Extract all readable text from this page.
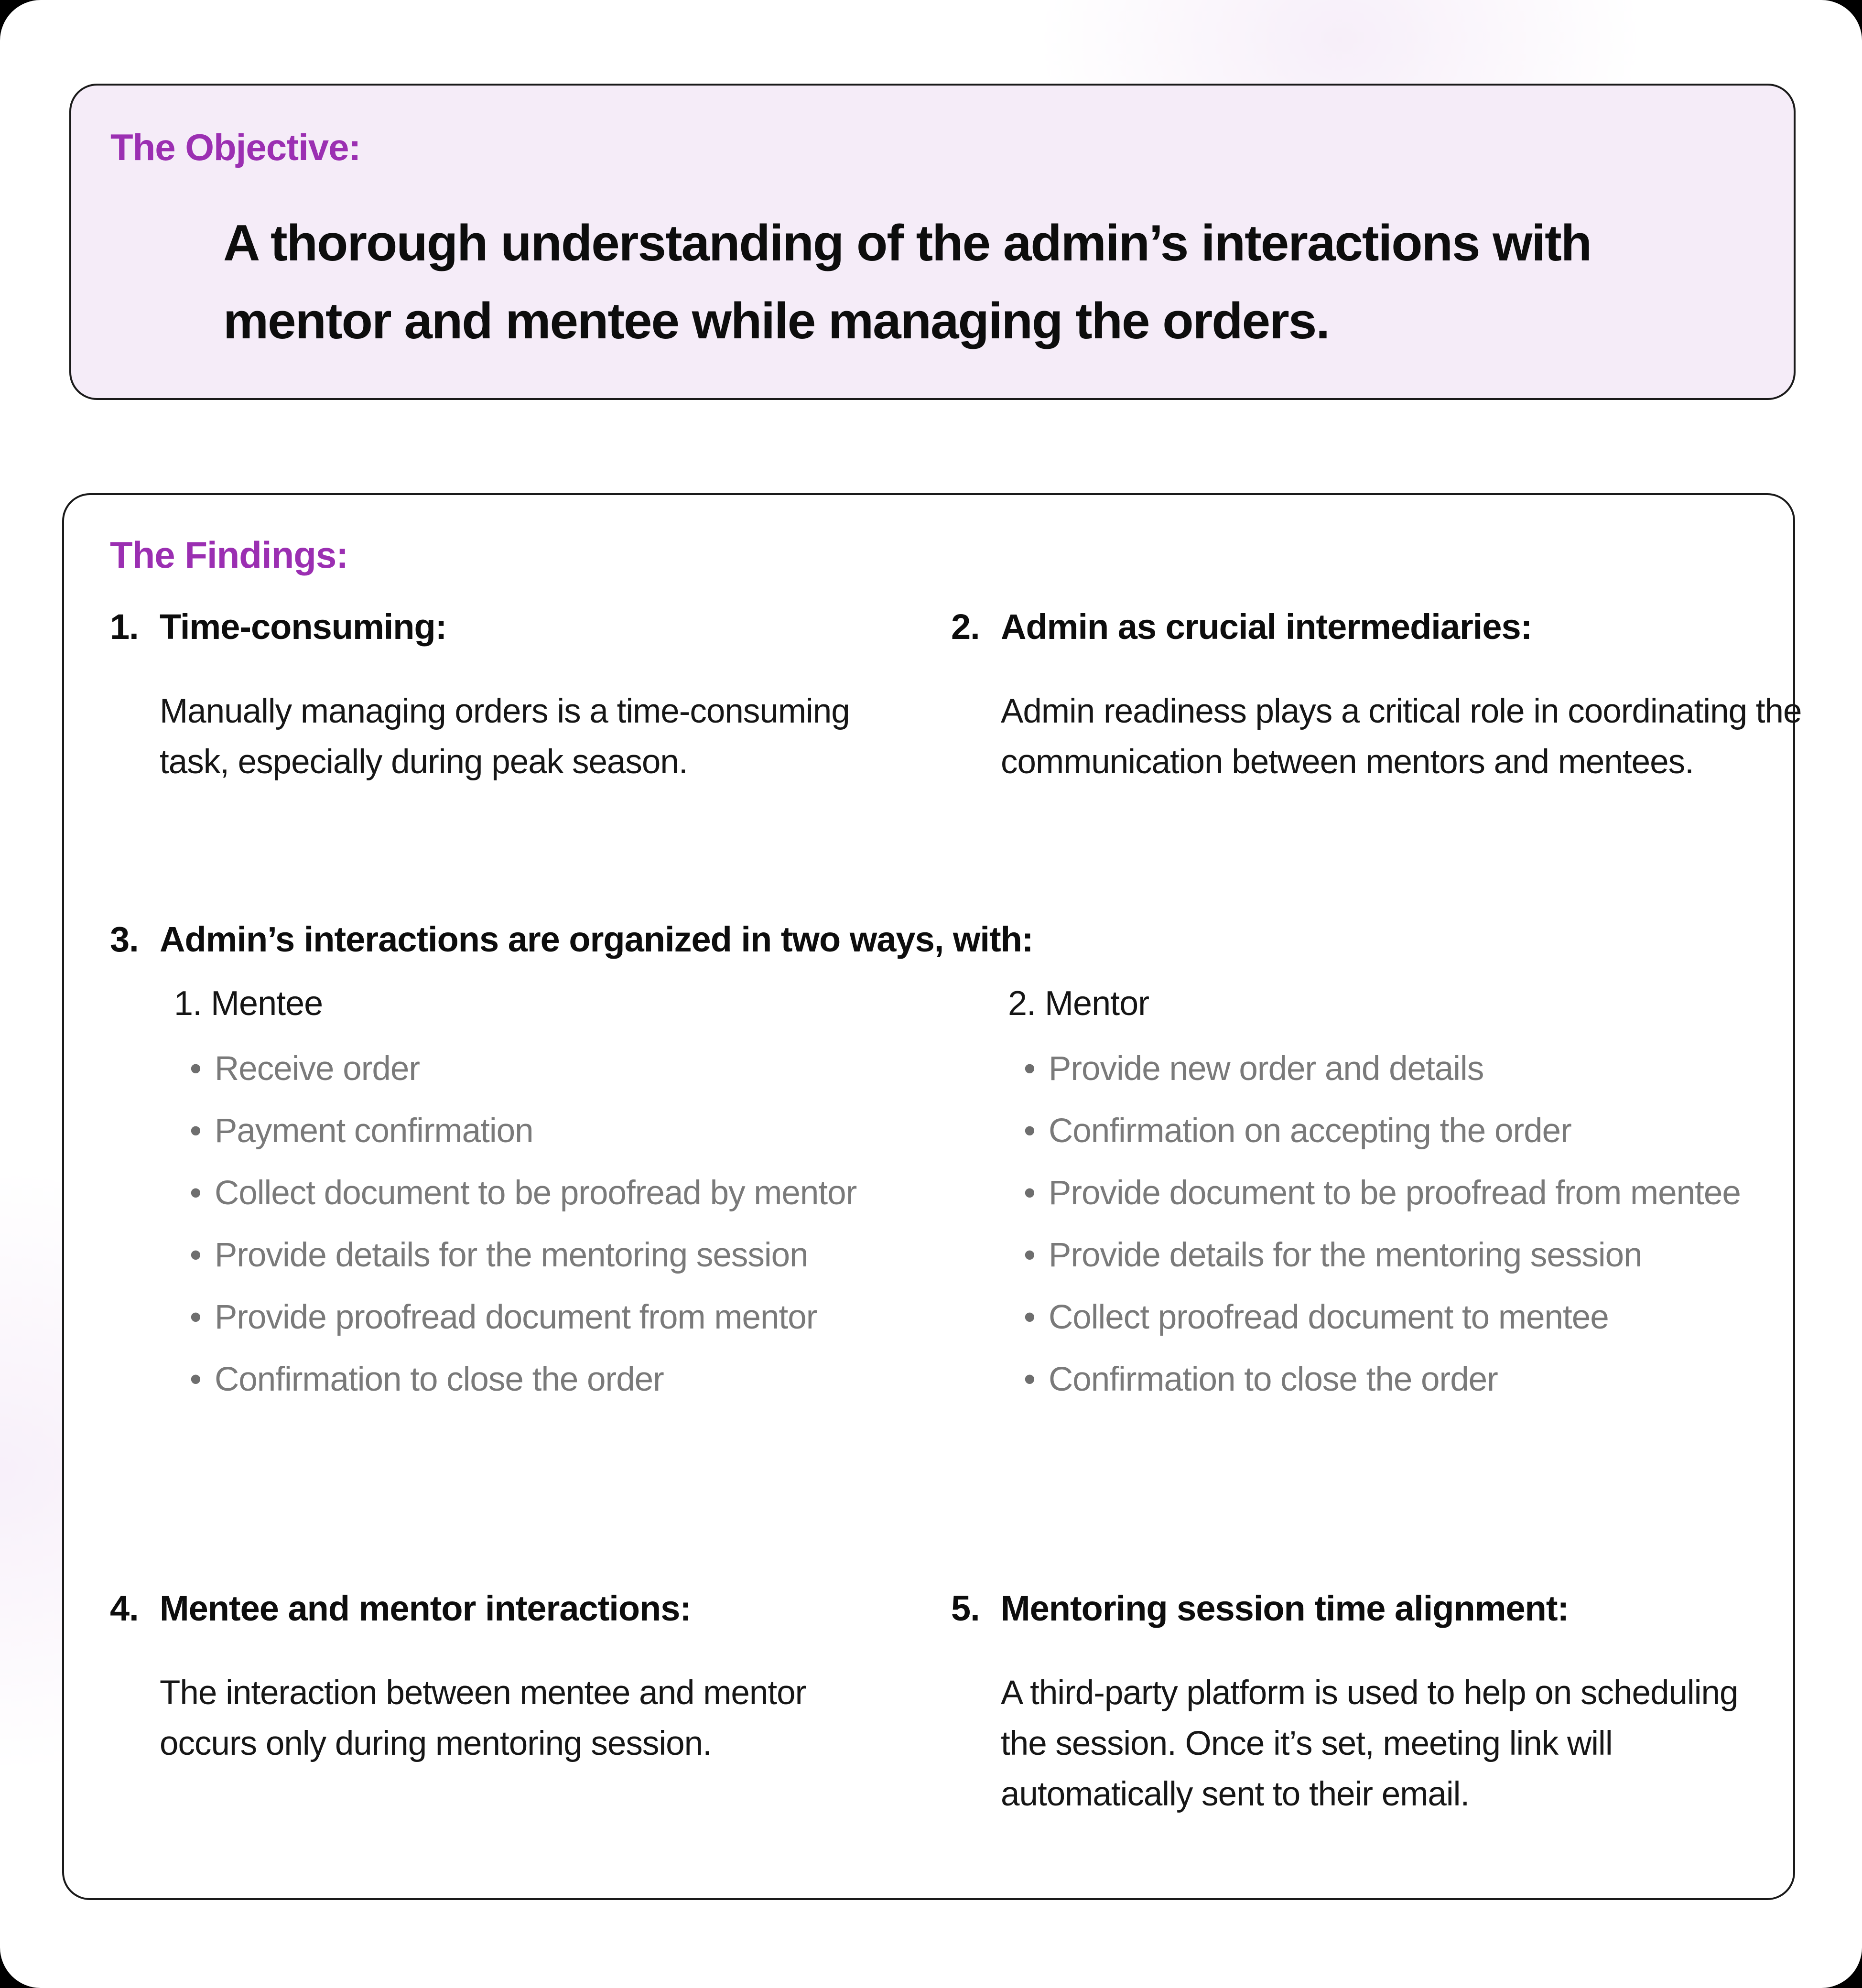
The Objective:
A thorough understanding of the admin’s interactions with mentor and mentee while managing the orders.
The Findings:
1. Time-consuming:
Manually managing orders is a time-consuming task, especially during peak season.
2. Admin as crucial intermediaries:
Admin readiness plays a critical role in coordinating the communication between mentors and mentees.
3. Admin’s interactions are organized in two ways, with:
1. Mentee
• Receive order
• Payment confirmation
• Collect document to be proofread by mentor
• Provide details for the mentoring session
• Provide proofread document from mentor
• Confirmation to close the order
2. Mentor
• Provide new order and details
• Confirmation on accepting the order
• Provide document to be proofread from mentee
• Provide details for the mentoring session
• Collect proofread document to mentee
• Confirmation to close the order
4. Mentee and mentor interactions:
The interaction between mentee and mentor occurs only during mentoring session.
5. Mentoring session time alignment:
A third-party platform is used to help on scheduling the session. Once it’s set, meeting link will automatically sent to their email.
